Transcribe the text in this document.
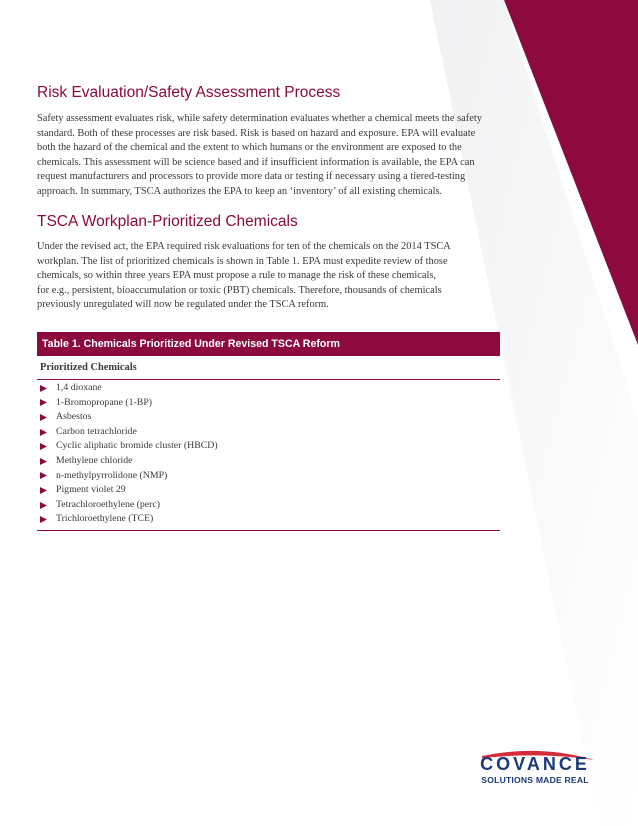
Risk Evaluation/Safety Assessment Process
Safety assessment evaluates risk, while safety determination evaluates whether a chemical meets the safety
standard. Both of these processes are risk based. Risk is based on hazard and exposure. EPA will evaluate
both the hazard of the chemical and the extent to which humans or the environment are exposed to the
chemicals. This assessment will be science based and if insufficient information is available, the EPA can
request manufacturers and processors to provide more data or testing if necessary using a tiered-testing
approach. In summary, TSCA authorizes the EPA to keep an ‘inventory’ of all existing chemicals.
TSCA Workplan-Prioritized Chemicals
Under the revised act, the EPA required risk evaluations for ten of the chemicals on the 2014 TSCA
workplan. The list of prioritized chemicals is shown in Table 1. EPA must expedite review of those
chemicals, so within three years EPA must propose a rule to manage the risk of these chemicals,
for e.g., persistent, bioaccumulation or toxic (PBT) chemicals. Therefore, thousands of chemicals
previously unregulated will now be regulated under the TSCA reform.
Table 1. Chemicals Prioritized Under Revised TSCA Reform
Prioritized Chemicals
1,4 dioxane
1-Bromopropane (1-BP)
Asbestos
Carbon tetrachloride
Cyclic aliphatic bromide cluster (HBCD)
Methylene chloride
n-methylpyrrolidone (NMP)
Pigment violet 29
Tetrachloroethylene (perc)
Trichloroethylene (TCE)
COVANCE
SOLUTIONS MADE REAL
